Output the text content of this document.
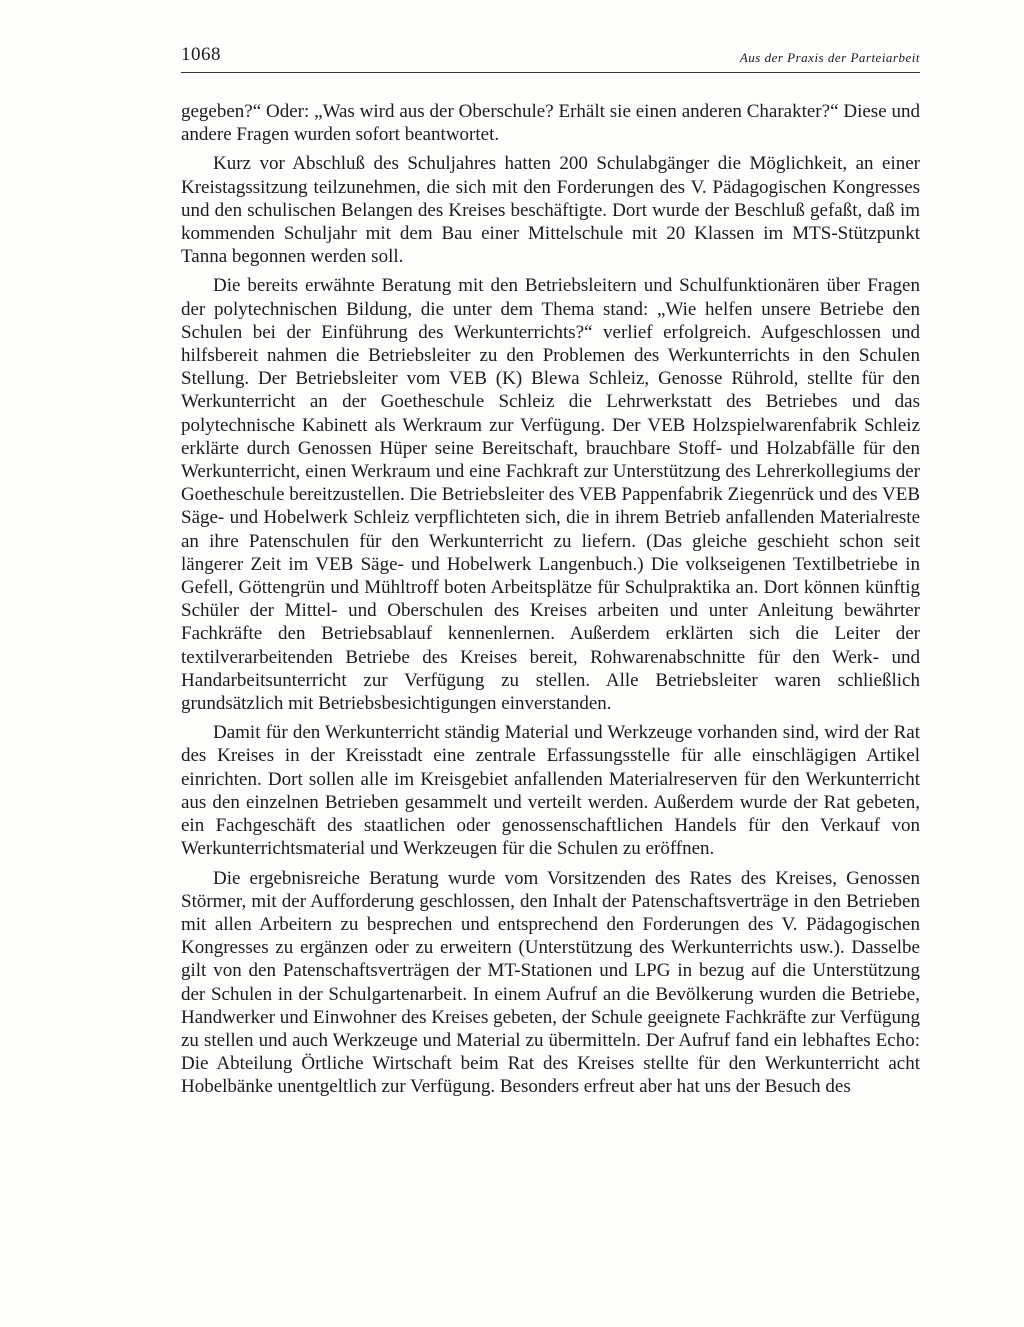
1068	Aus der Praxis der Parteiarbeit

gegeben?“ Oder: „Was wird aus der Oberschule? Erhält sie einen anderen Charakter?“ Diese und andere Fragen wurden sofort beantwortet.

Kurz vor Abschluß des Schuljahres hatten 200 Schulabgänger die Möglichkeit, an einer Kreistagssitzung teilzunehmen, die sich mit den Forderungen des V. Pädagogischen Kongresses und den schulischen Belangen des Kreises beschäftigte. Dort wurde der Beschluß gefaßt, daß im kommenden Schuljahr mit dem Bau einer Mittelschule mit 20 Klassen im MTS-Stützpunkt Tanna begonnen werden soll.

Die bereits erwähnte Beratung mit den Betriebsleitern und Schulfunktionären über Fragen der polytechnischen Bildung, die unter dem Thema stand: „Wie helfen unsere Betriebe den Schulen bei der Einführung des Werkunterrichts?“ verlief erfolgreich. Aufgeschlossen und hilfsbereit nahmen die Betriebsleiter zu den Problemen des Werkunterrichts in den Schulen Stellung. Der Betriebsleiter vom VEB (K) Blewa Schleiz, Genosse Rührold, stellte für den Werkunterricht an der Goetheschule Schleiz die Lehrwerkstatt des Betriebes und das polytechnische Kabinett als Werkraum zur Verfügung. Der VEB Holzspielwarenfabrik Schleiz erklärte durch Genossen Hüper seine Bereitschaft, brauchbare Stoff- und Holzabfälle für den Werkunterricht, einen Werkraum und eine Fachkraft zur Unterstützung des Lehrerkollegiums der Goetheschule bereitzustellen. Die Betriebsleiter des VEB Pappenfabrik Ziegenrück und des VEB Säge- und Hobelwerk Schleiz verpflichteten sich, die in ihrem Betrieb anfallenden Materialreste an ihre Patenschulen für den Werkunterricht zu liefern. (Das gleiche geschieht schon seit längerer Zeit im VEB Säge- und Hobelwerk Langenbuch.) Die volkseigenen Textilbetriebe in Gefell, Göttengrün und Mühltroff boten Arbeitsplätze für Schulpraktika an. Dort können künftig Schüler der Mittel- und Oberschulen des Kreises arbeiten und unter Anleitung bewährter Fachkräfte den Betriebsablauf kennenlernen. Außerdem erklärten sich die Leiter der textilverarbeitenden Betriebe des Kreises bereit, Rohwarenabschnitte für den Werk- und Handarbeitsunterricht zur Verfügung zu stellen. Alle Betriebsleiter waren schließlich grundsätzlich mit Betriebsbesichtigungen einverstanden.

Damit für den Werkunterricht ständig Material und Werkzeuge vorhanden sind, wird der Rat des Kreises in der Kreisstadt eine zentrale Erfassungsstelle für alle einschlägigen Artikel einrichten. Dort sollen alle im Kreisgebiet anfallenden Materialreserven für den Werkunterricht aus den einzelnen Betrieben gesammelt und verteilt werden. Außerdem wurde der Rat gebeten, ein Fachgeschäft des staatlichen oder genossenschaftlichen Handels für den Verkauf von Werkunterrichtsmaterial und Werkzeugen für die Schulen zu eröffnen.

Die ergebnisreiche Beratung wurde vom Vorsitzenden des Rates des Kreises, Genossen Störmer, mit der Aufforderung geschlossen, den Inhalt der Patenschaftsverträge in den Betrieben mit allen Arbeitern zu besprechen und entsprechend den Forderungen des V. Pädagogischen Kongresses zu ergänzen oder zu erweitern (Unterstützung des Werkunterrichts usw.). Dasselbe gilt von den Patenschaftsverträgen der MT-Stationen und LPG in bezug auf die Unterstützung der Schulen in der Schulgartenarbeit. In einem Aufruf an die Bevölkerung wurden die Betriebe, Handwerker und Einwohner des Kreises gebeten, der Schule geeignete Fachkräfte zur Verfügung zu stellen und auch Werkzeuge und Material zu übermitteln. Der Aufruf fand ein lebhaftes Echo: Die Abteilung Örtliche Wirtschaft beim Rat des Kreises stellte für den Werkunterricht acht Hobelbänke unentgeltlich zur Verfügung. Besonders erfreut aber hat uns der Besuch des
